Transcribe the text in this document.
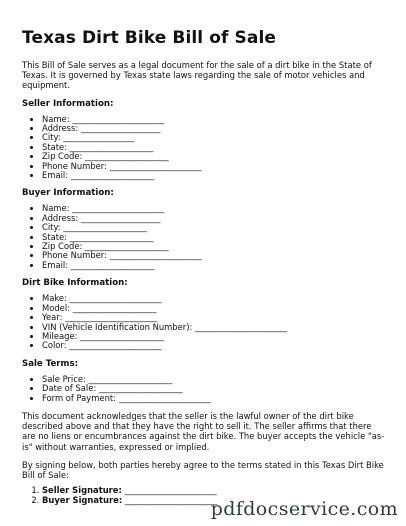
Texas Dirt Bike Bill of Sale

This Bill of Sale serves as a legal document for the sale of a dirt bike in the State of Texas. It is governed by Texas state laws regarding the sale of motor vehicles and equipment.

Seller Information:
• Name: ______________________
• Address: ___________________
• City: _________________
• State: ____________________
• Zip Code: ____________________
• Phone Number: ______________________
• Email: ____________________
Buyer Information:
• Name: ______________________
• Address: ___________________
• City: ____________________
• State: ____________________
• Zip Code: ____________________
• Phone Number: ______________________
• Email: ____________________
Dirt Bike Information:
• Make: ______________________
• Model: ____________________
• Year: ______________________
• VIN (Vehicle Identification Number): ______________________
• Mileage: ____________________
• Color: ______________________
Sale Terms:
• Sale Price: ____________________
• Date of Sale: ____________________
• Form of Payment: ______________________

This document acknowledges that the seller is the lawful owner of the dirt bike described above and that they have the right to sell it. The seller affirms that there are no liens or encumbrances against the dirt bike. The buyer accepts the vehicle "as-is" without warranties, expressed or implied.

By signing below, both parties hereby agree to the terms stated in this Texas Dirt Bike Bill of Sale:

1. Seller Signature: ______________________
2. Buyer Signature: ______________________
pdfdocservice.com
